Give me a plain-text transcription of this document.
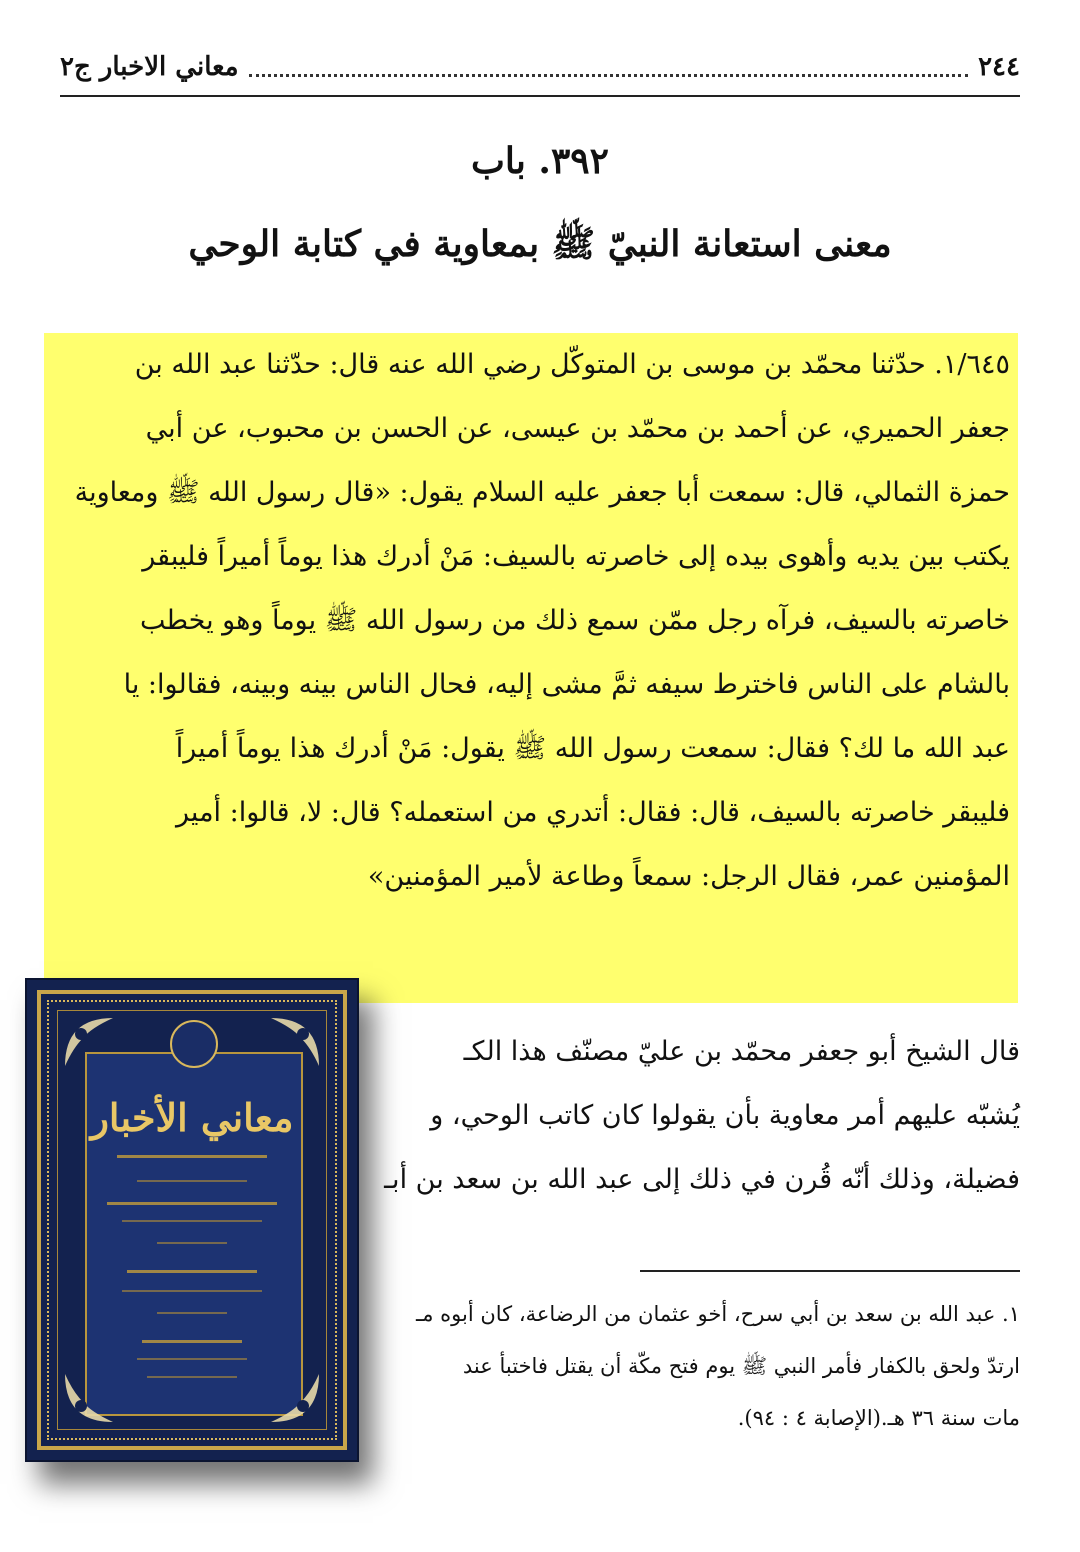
٢٤٤
معاني الاخبار ج٢
٣٩٢. باب
معنى استعانة النبيّ ﷺ بمعاوية في كتابة الوحي

١/٦٤٥. حدّثنا محمّد بن موسى بن المتوكّل رضي الله عنه قال: حدّثنا عبد الله بن

جعفر الحميري، عن أحمد بن محمّد بن عيسى، عن الحسن بن محبوب، عن أبي

حمزة الثمالي، قال: سمعت أبا جعفر عليه السلام يقول: «قال رسول الله ﷺ ومعاوية

يكتب بين يديه وأهوى بيده إلى خاصرته بالسيف: مَنْ أدرك هذا يوماً أميراً فليبقر

خاصرته بالسيف، فرآه رجل ممّن سمع ذلك من رسول الله ﷺ يوماً وهو يخطب

بالشام على الناس فاخترط سيفه ثمَّ مشى إليه، فحال الناس بينه وبينه، فقالوا: يا

عبد الله ما لك؟ فقال: سمعت رسول الله ﷺ يقول: مَنْ أدرك هذا يوماً أميراً

فليبقر خاصرته بالسيف، قال: فقال: أتدري من استعمله؟ قال: لا، قالوا: أمير

المؤمنين عمر، فقال الرجل: سمعاً وطاعة لأمير المؤمنين»

قال الشيخ أبو جعفر محمّد بن عليّ مصنّف هذا الكـ

يُشبّه عليهم أمر معاوية بأن يقولوا كان كاتب الوحي، و

فضيلة، وذلك أنّه قُرن في ذلك إلى عبد الله بن سعد بن أبـ

١. عبد الله بن سعد بن أبي سرح، أخو عثمان من الرضاعة، كان أبوه مـ

ارتدّ ولحق بالكفار فأمر النبي ﷺ يوم فتح مكّة أن يقتل فاختبأ عند

مات سنة ٣٦ هـ.(الإصابة ٤ : ٩٤).

معاني الأخبار
